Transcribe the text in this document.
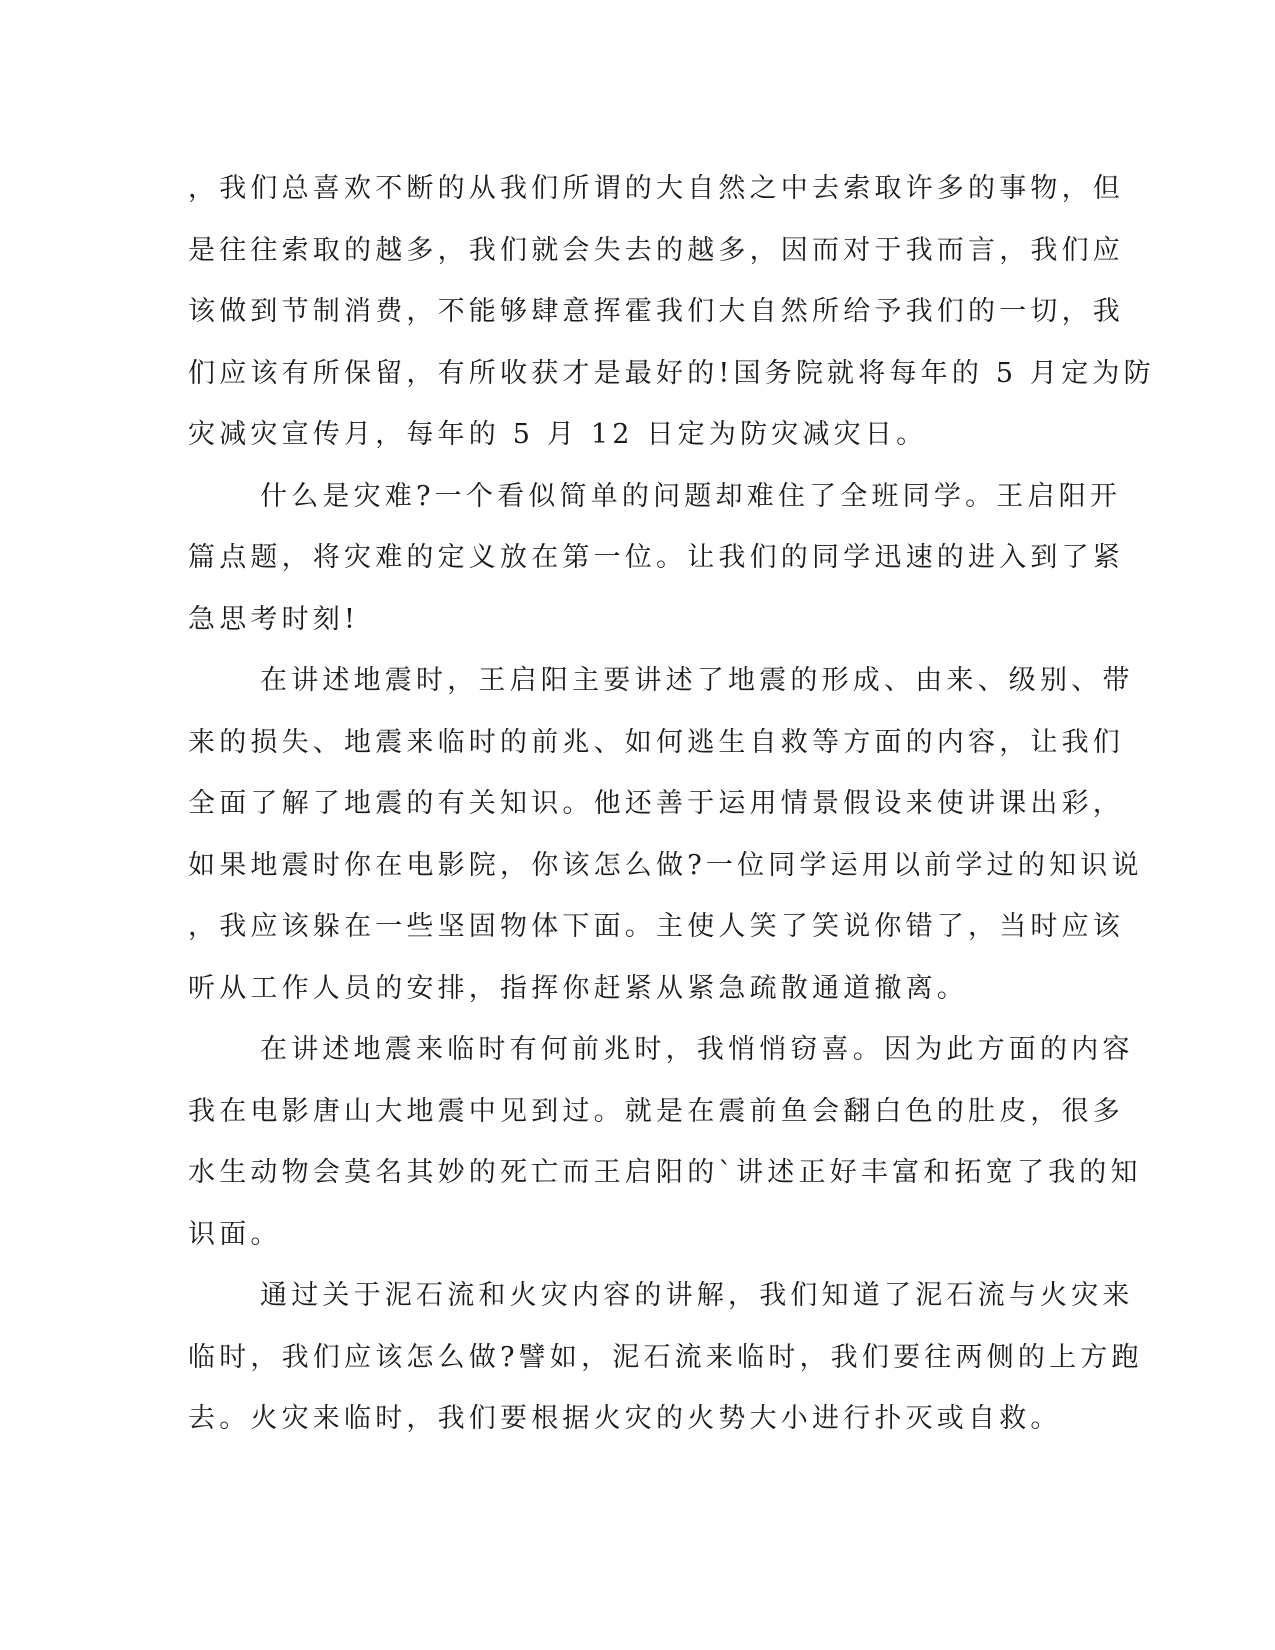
，我们总喜欢不断的从我们所谓的大自然之中去索取许多的事物，但
是往往索取的越多，我们就会失去的越多，因而对于我而言，我们应
该做到节制消费，不能够肆意挥霍我们大自然所给予我们的一切，我
们应该有所保留，有所收获才是最好的!国务院就将每年的 5 月定为防
灾减灾宣传月，每年的 5 月 12 日定为防灾减灾日。
什么是灾难?一个看似简单的问题却难住了全班同学。王启阳开
篇点题，将灾难的定义放在第一位。让我们的同学迅速的进入到了紧
急思考时刻!
在讲述地震时，王启阳主要讲述了地震的形成、由来、级别、带
来的损失、地震来临时的前兆、如何逃生自救等方面的内容，让我们
全面了解了地震的有关知识。他还善于运用情景假设来使讲课出彩，
如果地震时你在电影院，你该怎么做?一位同学运用以前学过的知识说
，我应该躲在一些坚固物体下面。主使人笑了笑说你错了，当时应该
听从工作人员的安排，指挥你赶紧从紧急疏散通道撤离。
在讲述地震来临时有何前兆时，我悄悄窃喜。因为此方面的内容
我在电影唐山大地震中见到过。就是在震前鱼会翻白色的肚皮，很多
水生动物会莫名其妙的死亡而王启阳的`讲述正好丰富和拓宽了我的知
识面。
通过关于泥石流和火灾内容的讲解，我们知道了泥石流与火灾来
临时，我们应该怎么做?譬如，泥石流来临时，我们要往两侧的上方跑
去。火灾来临时，我们要根据火灾的火势大小进行扑灭或自救。
